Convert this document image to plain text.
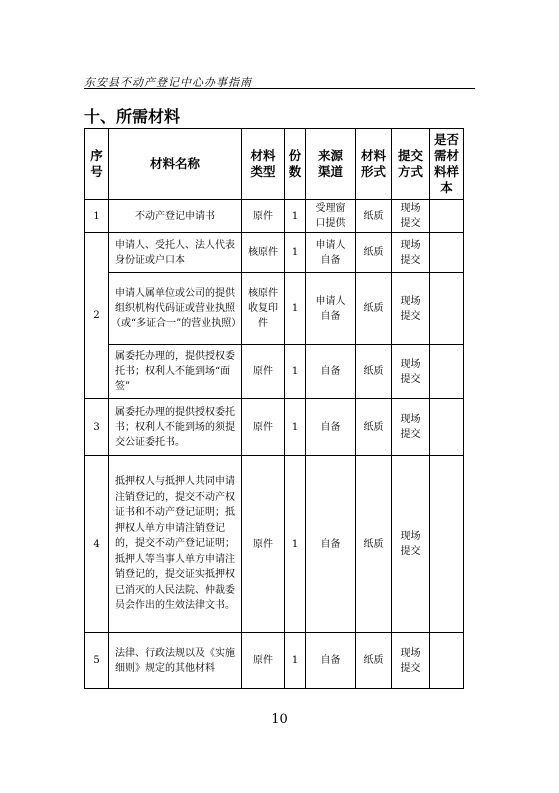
东安县不动产登记中心办事指南
十、所需材料
序号	材料名称	材料类型	份数	来源渠道	材料形式	提交方式	是否需材料样本
1	不动产登记申请书	原件	1	受理窗口提供	纸质	现场提交	
2	申请人、受托人、法人代表身份证或户口本	核原件	1	申请人自备	纸质	现场提交	
	申请人属单位或公司的提供组织机构代码证或营业执照（或“多证合一”的营业执照）	核原件收复印件	1	申请人自备	纸质	现场提交	
	属委托办理的，提供授权委托书；权利人不能到场“面签”	原件	1	自备	纸质	现场提交	
3	属委托办理的提供授权委托书；权利人不能到场的须提交公证委托书。	原件	1	自备	纸质	现场提交	
4	抵押权人与抵押人共同申请注销登记的，提交不动产权证书和不动产登记证明；抵押权人单方申请注销登记的，提交不动产登记证明；抵押人等当事人单方申请注销登记的，提交证实抵押权已消灭的人民法院、仲裁委员会作出的生效法律文书。	原件	1	自备	纸质	现场提交	
5	法律、行政法规以及《实施细则》规定的其他材料	原件	1	自备	纸质	现场提交	
10
